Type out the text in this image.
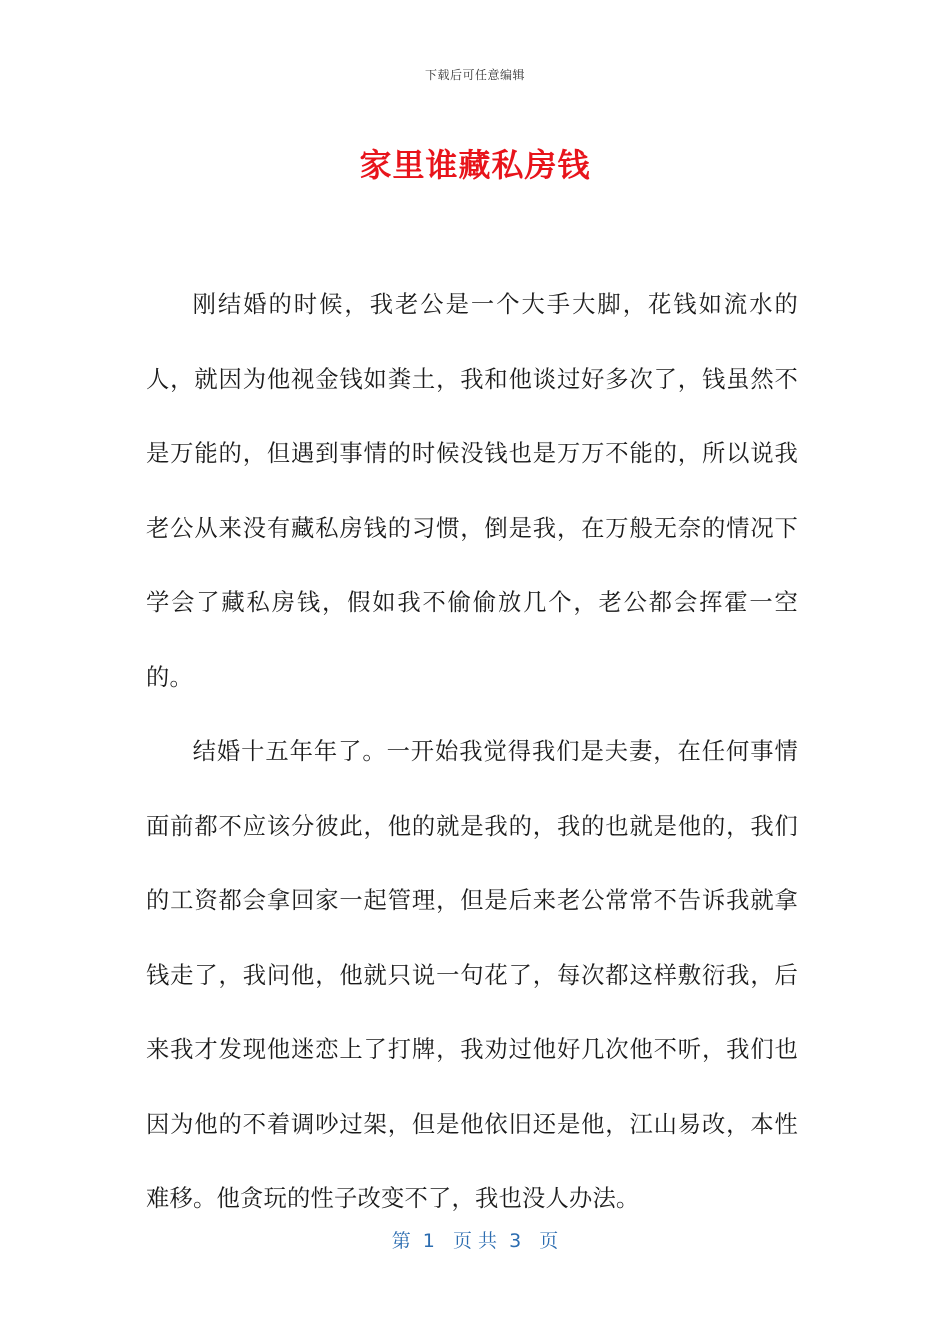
下载后可任意编辑
家里谁藏私房钱

刚结婚的时候，我老公是一个大手大脚，花钱如流水的人，就因为他视金钱如粪土，我和他谈过好多次了，钱虽然不是万能的，但遇到事情的时候没钱也是万万不能的，所以说我老公从来没有藏私房钱的习惯，倒是我，在万般无奈的情况下学会了藏私房钱，假如我不偷偷放几个，老公都会挥霍一空的。

结婚十五年年了。一开始我觉得我们是夫妻，在任何事情面前都不应该分彼此，他的就是我的，我的也就是他的，我们的工资都会拿回家一起管理，但是后来老公常常不告诉我就拿钱走了，我问他，他就只说一句花了，每次都这样敷衍我，后来我才发现他迷恋上了打牌，我劝过他好几次他不听，我们也因为他的不着调吵过架，但是他依旧还是他，江山易改，本性难移。他贪玩的性子改变不了，我也没人办法。

第  1   页 共  3   页
